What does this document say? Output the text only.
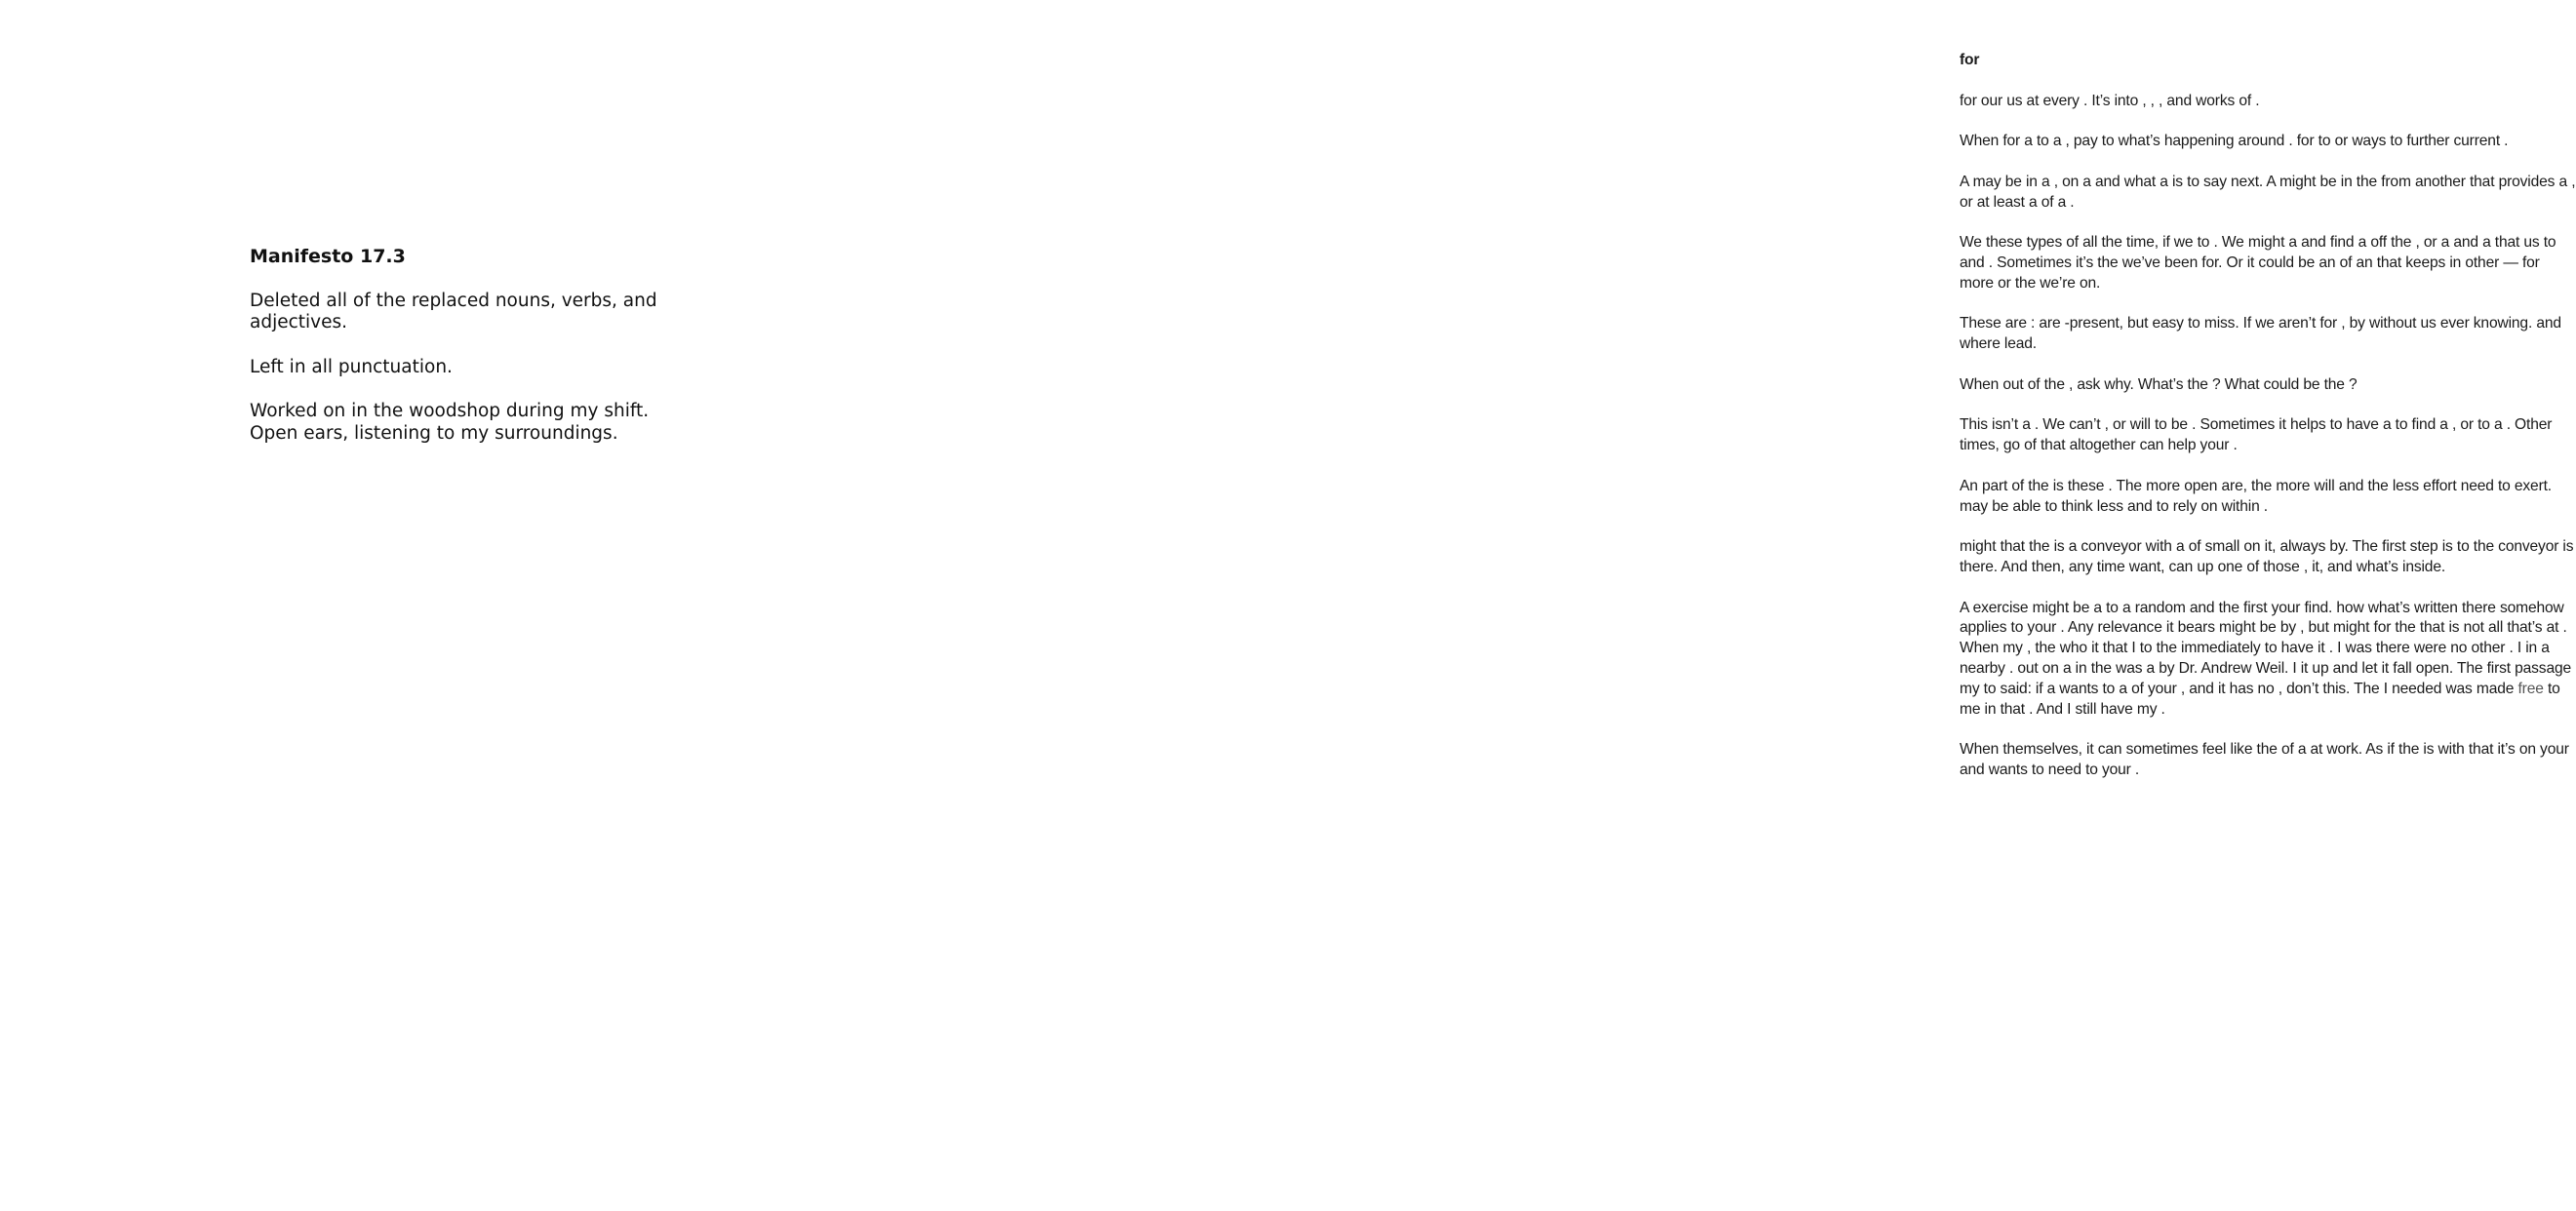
Manifesto 17.3

Deleted all of the replaced nouns, verbs, and adjectives.

Left in all punctuation.

Worked on in the woodshop during my shift.
Open ears, listening to my surroundings.

for

for our us at every . It’s into , , , and works of .

When for a to a , pay to what’s happening around . for to or ways to further current .

A may be in a , on a and what a is to say next. A might be in the from another that provides a , or at least a of a .

We these types of all the time, if we to . We might a and find a off the , or a and a that us to and . Sometimes it’s the we’ve been for. Or it could be an of an that keeps in other — for more or the we’re on.

These are : are -present, but easy to miss. If we aren’t for , by without us ever knowing. and where lead.

When out of the , ask why. What’s the ? What could be the ?

This isn’t a . We can’t , or will to be . Sometimes it helps to have a to find a , or to a . Other times, go of that altogether can help your .

An part of the is these . The more open are, the more will and the less effort need to exert. may be able to think less and to rely on within .

might that the is a conveyor with a of small on it, always by. The first step is to the conveyor is there. And then, any time want, can up one of those , it, and what’s inside.

A exercise might be a to a random and the first your find. how what’s written there somehow applies to your . Any relevance it bears might be by , but might for the that is not all that’s at . When my , the who it that I to the immediately to have it . I was there were no other . I in a nearby . out on a in the was a by Dr. Andrew Weil. I it up and let it fall open. The first passage my to said: if a wants to a of your , and it has no , don’t this. The I needed was made free to me in that . And I still have my .

When themselves, it can sometimes feel like the of a at work. As if the is with that it’s on your and wants to need to your .
